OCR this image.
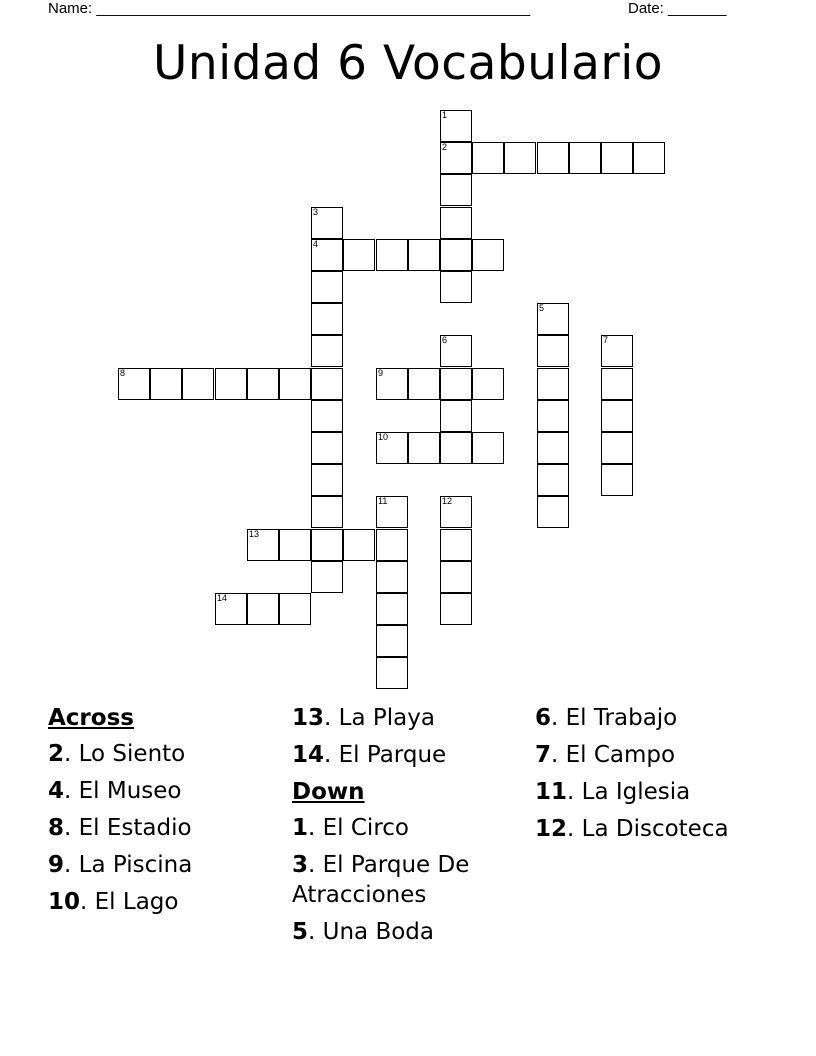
Name: ____________________________________________________	Date: _______
Unidad 6 Vocabulario
1
2
3
4
5
6	7
8	9
10
11	12
13
14
Across
2. Lo Siento
4. El Museo
8. El Estadio
9. La Piscina
10. El Lago
13. La Playa
14. El Parque
Down
1. El Circo
3. El Parque De Atracciones
5. Una Boda
6. El Trabajo
7. El Campo
11. La Iglesia
12. La Discoteca
